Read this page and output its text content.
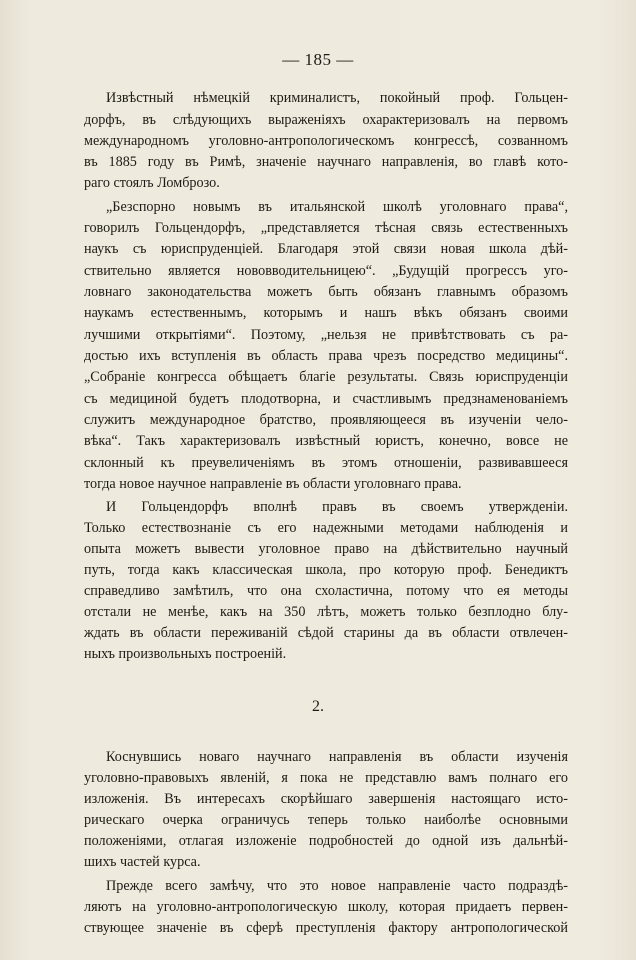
— 185 —
Извѣстный нѣмецкій криминалистъ, покойный проф. Гольцен-
дорфъ, въ слѣдующихъ выраженіяхъ охарактеризовалъ на первомъ
международномъ уголовно-антропологическомъ конгрессѣ, созванномъ
въ 1885 году въ Римѣ, значеніе научнаго направленія, во главѣ кото-
раго стоялъ Ломброзо.
„Безспорно новымъ въ итальянской школѣ уголовнаго права“,
говорилъ Гольцендорфъ, „представляется тѣсная связь естественныхъ
наукъ съ юриспруденціей. Благодаря этой связи новая школа дѣй-
ствительно является нововводительницею“. „Будущій прогрессъ уго-
ловнаго законодательства можетъ быть обязанъ главнымъ образомъ
наукамъ естественнымъ, которымъ и нашъ вѣкъ обязанъ своими
лучшими открытіями“. Поэтому, „нельзя не привѣтствовать съ ра-
достью ихъ вступленія въ область права чрезъ посредство медицины“.
„Собраніе конгресса обѣщаетъ благіе результаты. Связь юриспруденціи
съ медициной будетъ плодотворна, и счастливымъ предзнаменованіемъ
служитъ международное братство, проявляющееся въ изученіи чело-
вѣка“. Такъ характеризовалъ извѣстный юристъ, конечно, вовсе не
склонный къ преувеличеніямъ въ этомъ отношеніи, развивавшееся
тогда новое научное направленіе въ области уголовнаго права.
И Гольцендорфъ вполнѣ правъ въ своемъ утвержденіи.
Только естествознаніе съ его надежными методами наблюденія и
опыта можетъ вывести уголовное право на дѣйствительно научный
путь, тогда какъ классическая школа, про которую проф. Бенедиктъ
справедливо замѣтилъ, что она схоластична, потому что ея методы
отстали не менѣе, какъ на 350 лѣтъ, можетъ только безплодно блу-
ждать въ области переживаній сѣдой старины да въ области отвлечен-
ныхъ произвольныхъ построеній.
2.
Коснувшись новаго научнаго направленія въ области изученія
уголовно-правовыхъ явленій, я пока не представлю вамъ полнаго его
изложенія. Въ интересахъ скорѣйшаго завершенія настоящаго исто-
рическаго очерка ограничусь теперь только наиболѣе основными
положеніями, отлагая изложеніе подробностей до одной изъ дальнѣй-
шихъ частей курса.
Прежде всего замѣчу, что это новое направленіе часто подраздѣ-
ляютъ на уголовно-антропологическую школу, которая придаетъ первен-
ствующее значеніе въ сферѣ преступленія фактору антропологической
